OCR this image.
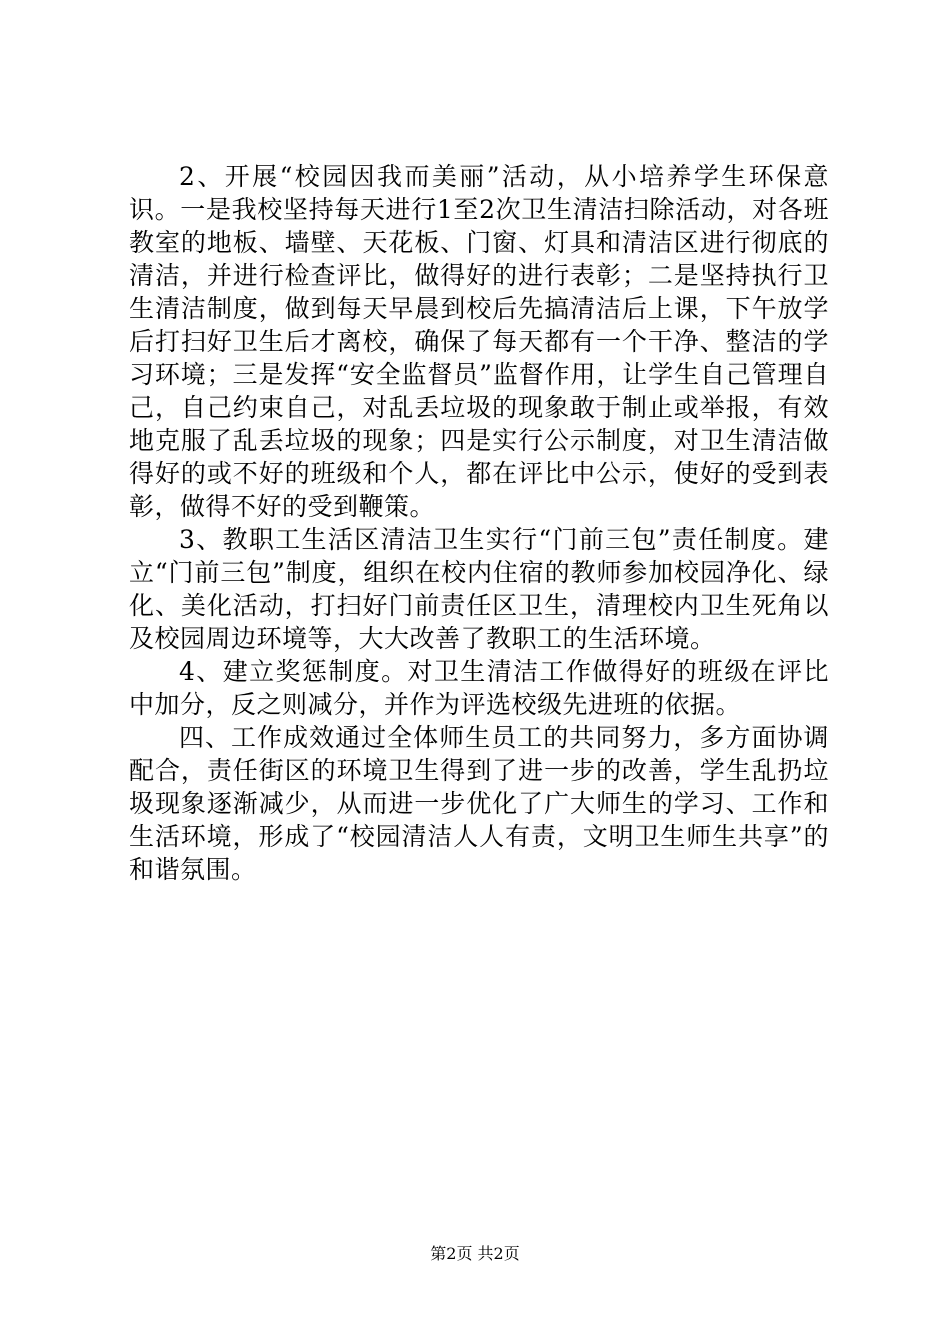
2、开展“校园因我而美丽”活动，从小培养学生环保意识。一是我校坚持每天进行1至2次卫生清洁扫除活动，对各班教室的地板、墙壁、天花板、门窗、灯具和清洁区进行彻底的清洁，并进行检查评比，做得好的进行表彰；二是坚持执行卫生清洁制度，做到每天早晨到校后先搞清洁后上课，下午放学后打扫好卫生后才离校，确保了每天都有一个干净、整洁的学习环境；三是发挥“安全监督员”监督作用，让学生自己管理自己，自己约束自己，对乱丢垃圾的现象敢于制止或举报，有效地克服了乱丢垃圾的现象；四是实行公示制度，对卫生清洁做得好的或不好的班级和个人，都在评比中公示，使好的受到表彰，做得不好的受到鞭策。

3、教职工生活区清洁卫生实行“门前三包”责任制度。建立“门前三包”制度，组织在校内住宿的教师参加校园净化、绿化、美化活动，打扫好门前责任区卫生，清理校内卫生死角以及校园周边环境等，大大改善了教职工的生活环境。

4、建立奖惩制度。对卫生清洁工作做得好的班级在评比中加分，反之则减分，并作为评选校级先进班的依据。

四、工作成效通过全体师生员工的共同努力，多方面协调配合，责任街区的环境卫生得到了进一步的改善，学生乱扔垃圾现象逐渐减少，从而进一步优化了广大师生的学习、工作和生活环境，形成了“校园清洁人人有责，文明卫生师生共享”的和谐氛围。

第2页 共2页
